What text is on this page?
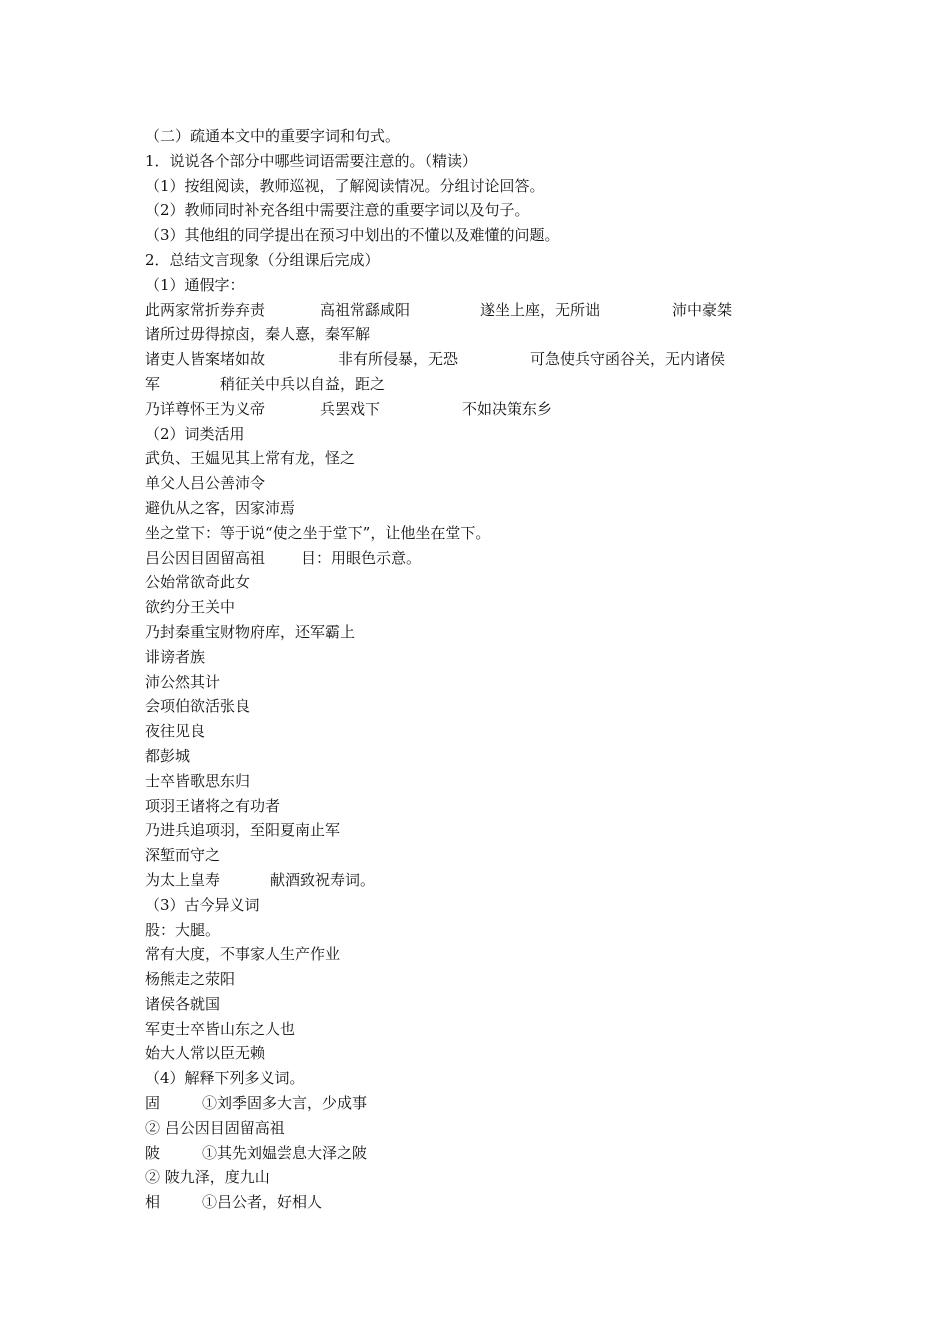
（二）疏通本文中的重要字词和句式。
1．说说各个部分中哪些词语需要注意的。（精读）
（1）按组阅读，教师巡视，了解阅读情况。分组讨论回答。
（2）教师同时补充各组中需要注意的重要字词以及句子。
（3）其他组的同学提出在预习中划出的不懂以及难懂的问题。
2．总结文言现象（分组课后完成）
（1）通假字：
此两家常折券弃责	高祖常繇咸阳	遂坐上座，无所诎	沛中豪桀
诸所过毋得掠卤，秦人憙，秦军解
诸吏人皆案堵如故	非有所侵暴，无恐	可急使兵守函谷关，无内诸侯
军	稍征关中兵以自益，距之
乃详尊怀王为义帝	兵罢戏下	不如决策东乡
（2）词类活用
武负、王媪见其上常有龙，怪之
单父人吕公善沛令
避仇从之客，因家沛焉
坐之堂下：等于说“使之坐于堂下”，让他坐在堂下。
吕公因目固留高祖 目：用眼色示意。
公始常欲奇此女
欲约分王关中
乃封秦重宝财物府库，还军霸上
诽谤者族
沛公然其计
会项伯欲活张良
夜往见良
都彭城
士卒皆歌思东归
项羽王诸将之有功者
乃进兵追项羽，至阳夏南止军
深堑而守之
为太上皇寿	献酒致祝寿词。
（3）古今异义词
股：大腿。
常有大度，不事家人生产作业
杨熊走之荥阳
诸侯各就国
军吏士卒皆山东之人也
始大人常以臣无赖
（4）解释下列多义词。
固	①刘季固多大言，少成事
② 吕公因目固留高祖
陂	①其先刘媪尝息大泽之陂
② 陂九泽，度九山
相	①吕公者，好相人
